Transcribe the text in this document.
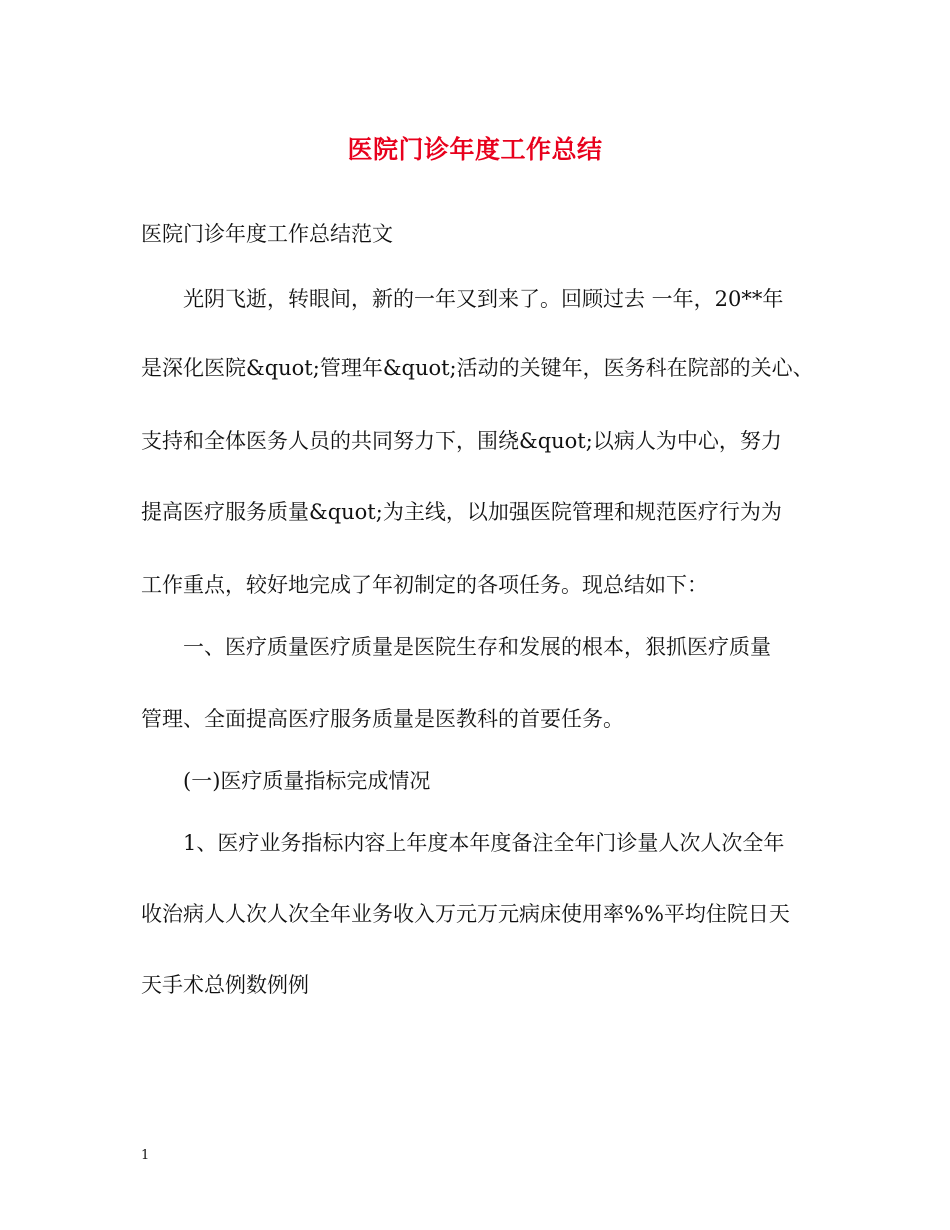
医院门诊年度工作总结
医院门诊年度工作总结范文
光阴飞逝，转眼间，新的一年又到来了。回顾过去 一年，20**年
是深化医院&quot;管理年&quot;活动的关键年，医务科在院部的关心、
支持和全体医务人员的共同努力下，围绕&quot;以病人为中心，努力
提高医疗服务质量&quot;为主线，以加强医院管理和规范医疗行为为
工作重点，较好地完成了年初制定的各项任务。现总结如下：
一、医疗质量医疗质量是医院生存和发展的根本，狠抓医疗质量
管理、全面提高医疗服务质量是医教科的首要任务。
(一)医疗质量指标完成情况
1、医疗业务指标内容上年度本年度备注全年门诊量人次人次全年
收治病人人次人次全年业务收入万元万元病床使用率%%平均住院日天
天手术总例数例例
1
